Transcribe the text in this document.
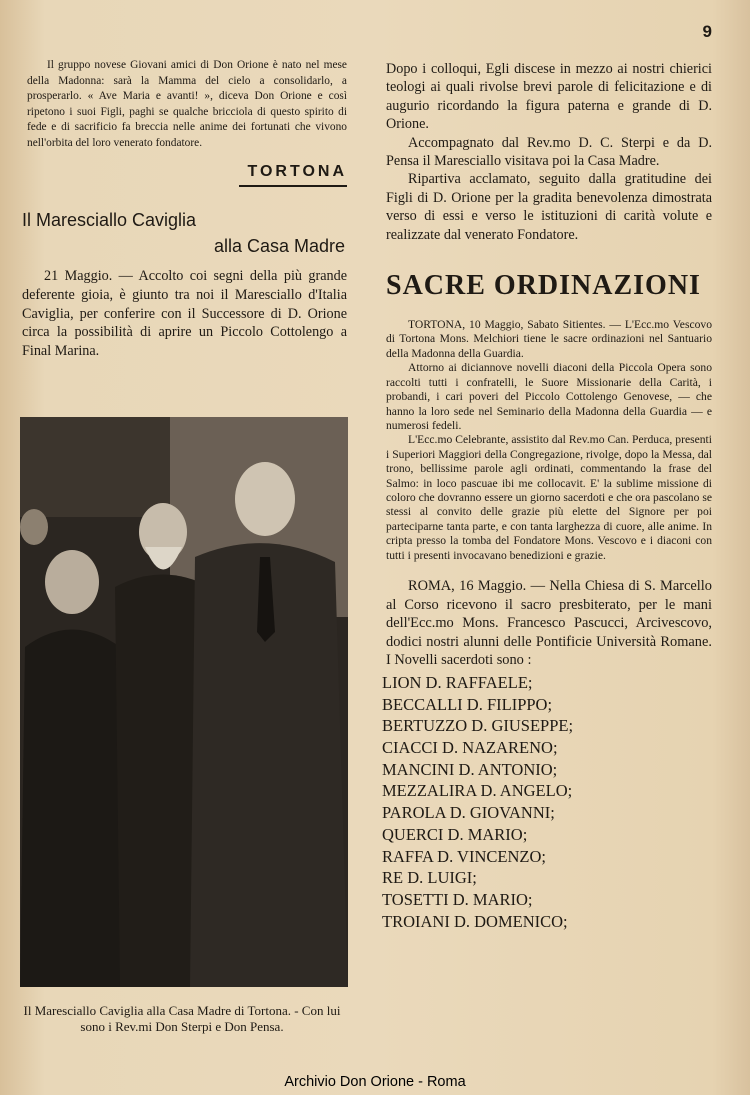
9

Il gruppo novese Giovani amici di Don Orione è nato nel mese della Madonna: sarà la Mamma del cielo a consolidarlo, a prosperarlo. « Ave Maria e avanti! », diceva Don Orione e così ripetono i suoi Figli, paghi se qualche bricciola di questo spirito di fede e di sacrificio fa breccia nelle anime dei fortunati che vivono nell'orbita del loro venerato fondatore.

TORTONA
Il Maresciallo Caviglia
alla Casa Madre

21 Maggio. — Accolto coi segni della più grande deferente gioia, è giunto tra noi il Maresciallo d'Italia Caviglia, per conferire con il Successore di D. Orione circa la possibilità di aprire un Piccolo Cottolengo a Final Marina.

Il Maresciallo Caviglia alla Casa Madre di Tortona. - Con lui sono i Rev.mi Don Sterpi e Don Pensa.

Dopo i colloqui, Egli discese in mezzo ai nostri chierici teologi ai quali rivolse brevi parole di felicitazione e di augurio ricordando la figura paterna e grande di D. Orione.

Accompagnato dal Rev.mo D. C. Sterpi e da D. Pensa il Maresciallo visitava poi la Casa Madre.

Ripartiva acclamato, seguito dalla gratitudine dei Figli di D. Orione per la gradita benevolenza dimostrata verso di essi e verso le istituzioni di carità volute e realizzate dal venerato Fondatore.

SACRE ORDINAZIONI

TORTONA, 10 Maggio, Sabato Sitientes. — L'Ecc.mo Vescovo di Tortona Mons. Melchiori tiene le sacre ordinazioni nel Santuario della Madonna della Guardia.

Attorno ai diciannove novelli diaconi della Piccola Opera sono raccolti tutti i confratelli, le Suore Missionarie della Carità, i probandi, i cari poveri del Piccolo Cottolengo Genovese, — che hanno la loro sede nel Seminario della Madonna della Guardia — e numerosi fedeli.

L'Ecc.mo Celebrante, assistito dal Rev.mo Can. Perduca, presenti i Superiori Maggiori della Congregazione, rivolge, dopo la Messa, dal trono, bellissime parole agli ordinati, commentando la frase del Salmo: in loco pascuae ibi me collocavit. E' la sublime missione di coloro che dovranno essere un giorno sacerdoti e che ora pascolano se stessi al convito delle grazie più elette del Signore per poi parteciparne tanta parte, e con tanta larghezza di cuore, alle anime. In cripta presso la tomba del Fondatore Mons. Vescovo e i diaconi con tutti i presenti invocavano benedizioni e grazie.

ROMA, 16 Maggio. — Nella Chiesa di S. Marcello al Corso ricevono il sacro presbiterato, per le mani dell'Ecc.mo Mons. Francesco Pascucci, Arcivescovo, dodici nostri alunni delle Pontificie Università Romane. I Novelli sacerdoti sono :

LION D. RAFFAELE;
BECCALLI D. FILIPPO;
BERTUZZO D. GIUSEPPE;
CIACCI D. NAZARENO;
MANCINI D. ANTONIO;
MEZZALIRA D. ANGELO;
PAROLA D. GIOVANNI;
QUERCI D. MARIO;
RAFFA D. VINCENZO;
RE D. LUIGI;
TOSETTI D. MARIO;
TROIANI D. DOMENICO;
Archivio Don Orione - Roma
